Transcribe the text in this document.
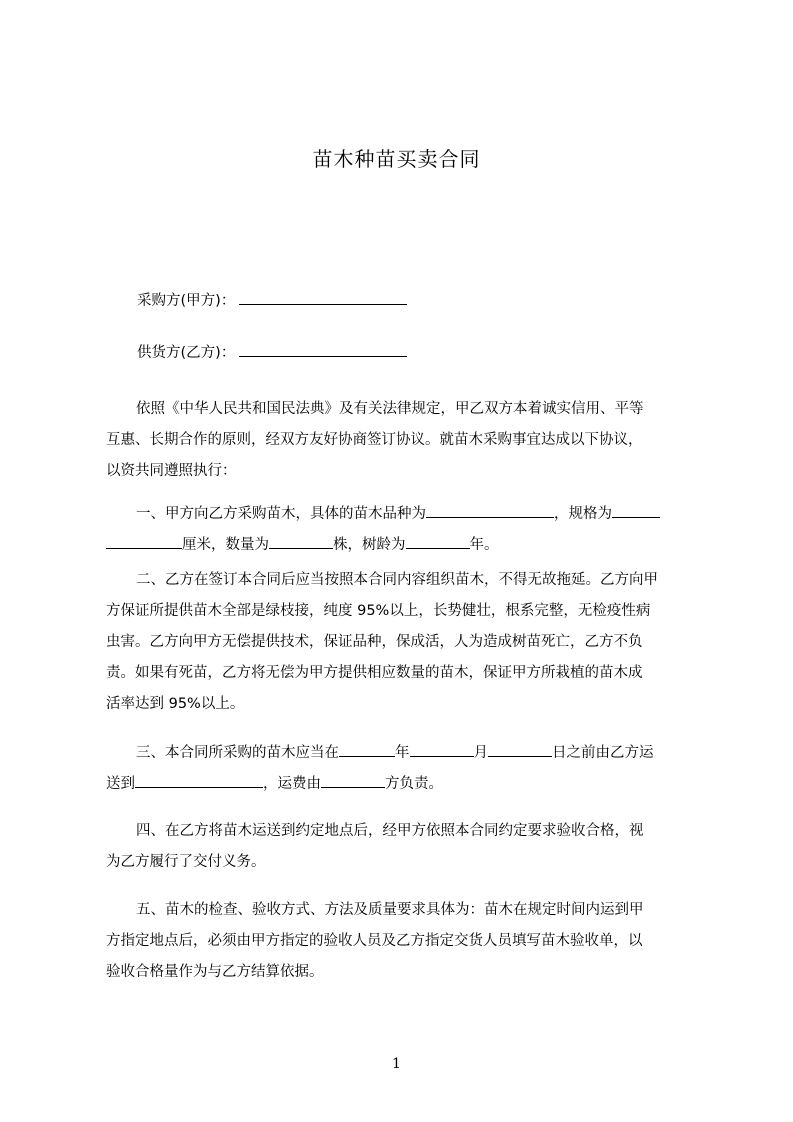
苗木种苗买卖合同
采购方(甲方)：
供货方(乙方)：
依照《中华人民共和国民法典》及有关法律规定，甲乙双方本着诚实信用、平等
互惠、长期合作的原则，经双方友好协商签订协议。就苗木采购事宜达成以下协议，
以资共同遵照执行：
一、甲方向乙方采购苗木，具体的苗木品种为	，规格为
厘米，数量为	株，树龄为	年。
二、乙方在签订本合同后应当按照本合同内容组织苗木，不得无故拖延。乙方向甲
方保证所提供苗木全部是绿枝接，纯度 95%以上，长势健壮，根系完整，无检疫性病
虫害。乙方向甲方无偿提供技术，保证品种，保成活，人为造成树苗死亡，乙方不负
责。如果有死苗，乙方将无偿为甲方提供相应数量的苗木，保证甲方所栽植的苗木成
活率达到 95%以上。
三、本合同所采购的苗木应当在	年	月	日之前由乙方运
送到	，运费由	方负责。
四、在乙方将苗木运送到约定地点后，经甲方依照本合同约定要求验收合格，视
为乙方履行了交付义务。
五、苗木的检查、验收方式、方法及质量要求具体为：苗木在规定时间内运到甲
方指定地点后，必须由甲方指定的验收人员及乙方指定交货人员填写苗木验收单，以
验收合格量作为与乙方结算依据。
1
